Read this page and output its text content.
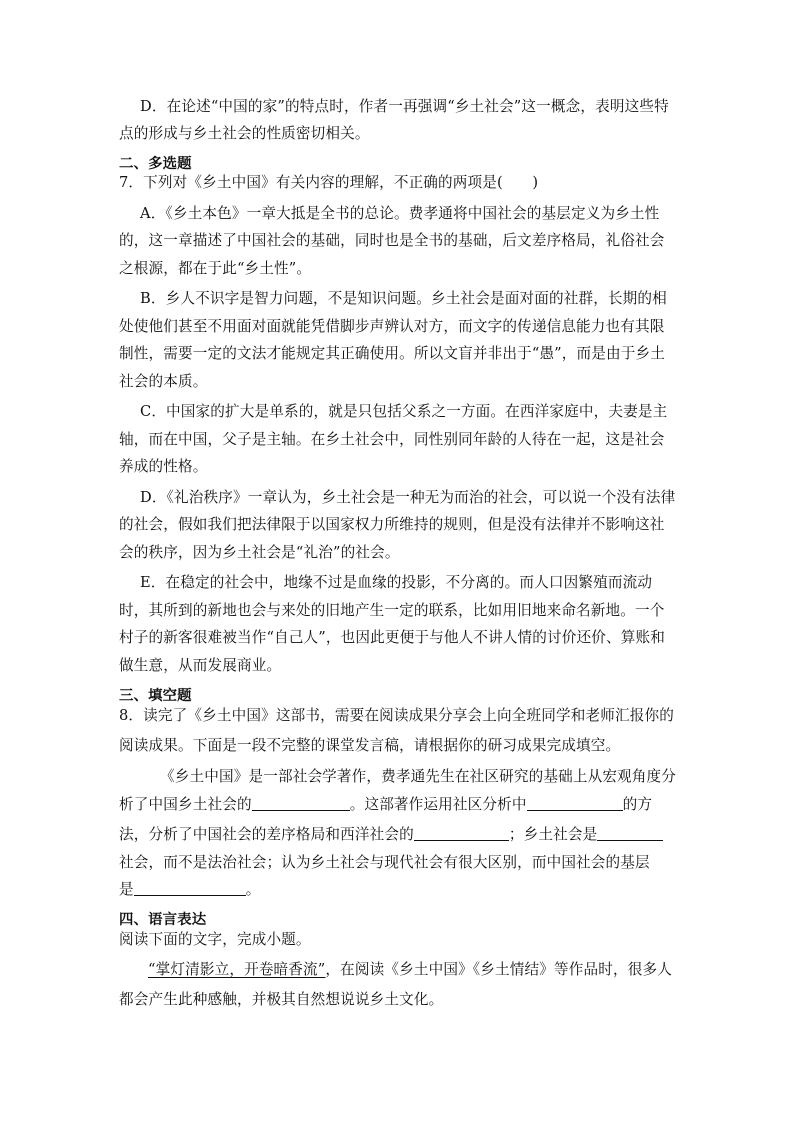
D．在论述“中国的家”的特点时，作者一再强调“乡土社会”这一概念，表明这些特
点的形成与乡土社会的性质密切相关。
二、多选题
7．下列对《乡土中国》有关内容的理解，不正确的两项是(　　)
A．《乡土本色》一章大抵是全书的总论。费孝通将中国社会的基层定义为乡土性
的，这一章描述了中国社会的基础，同时也是全书的基础，后文差序格局，礼俗社会
之根源，都在于此“乡土性”。
B．乡人不识字是智力问题，不是知识问题。乡土社会是面对面的社群，长期的相
处使他们甚至不用面对面就能凭借脚步声辨认对方，而文字的传递信息能力也有其限
制性，需要一定的文法才能规定其正确使用。所以文盲并非出于“愚”，而是由于乡土
社会的本质。
C．中国家的扩大是单系的，就是只包括父系之一方面。在西洋家庭中，夫妻是主
轴，而在中国，父子是主轴。在乡土社会中，同性别同年龄的人待在一起，这是社会
养成的性格。
D．《礼治秩序》一章认为，乡土社会是一种无为而治的社会，可以说一个没有法律
的社会，假如我们把法律限于以国家权力所维持的规则，但是没有法律并不影响这社
会的秩序，因为乡土社会是“礼治”的社会。
E．在稳定的社会中，地缘不过是血缘的投影，不分离的。而人口因繁殖而流动
时，其所到的新地也会与来处的旧地产生一定的联系，比如用旧地来命名新地。一个
村子的新客很难被当作“自己人”，也因此更便于与他人不讲人情的讨价还价、算账和
做生意，从而发展商业。
三、填空题
8．读完了《乡土中国》这部书，需要在阅读成果分享会上向全班同学和老师汇报你的
阅读成果。下面是一段不完整的课堂发言稿，请根据你的研习成果完成填空。
《乡土中国》是一部社会学著作，费孝通先生在社区研究的基础上从宏观角度分
析了中国乡土社会的	。这部著作运用社区分析中	的方
法，分析了中国社会的差序格局和西洋社会的	；乡土社会是
社会，而不是法治社会；认为乡土社会与现代社会有很大区别，而中国社会的基层
是	。
四、语言表达
阅读下面的文字，完成小题。
“掌灯清影立，开卷暗香流”，在阅读《乡土中国》《乡土情结》等作品时，很多人
都会产生此种感触，并极其自然想说说乡土文化。
